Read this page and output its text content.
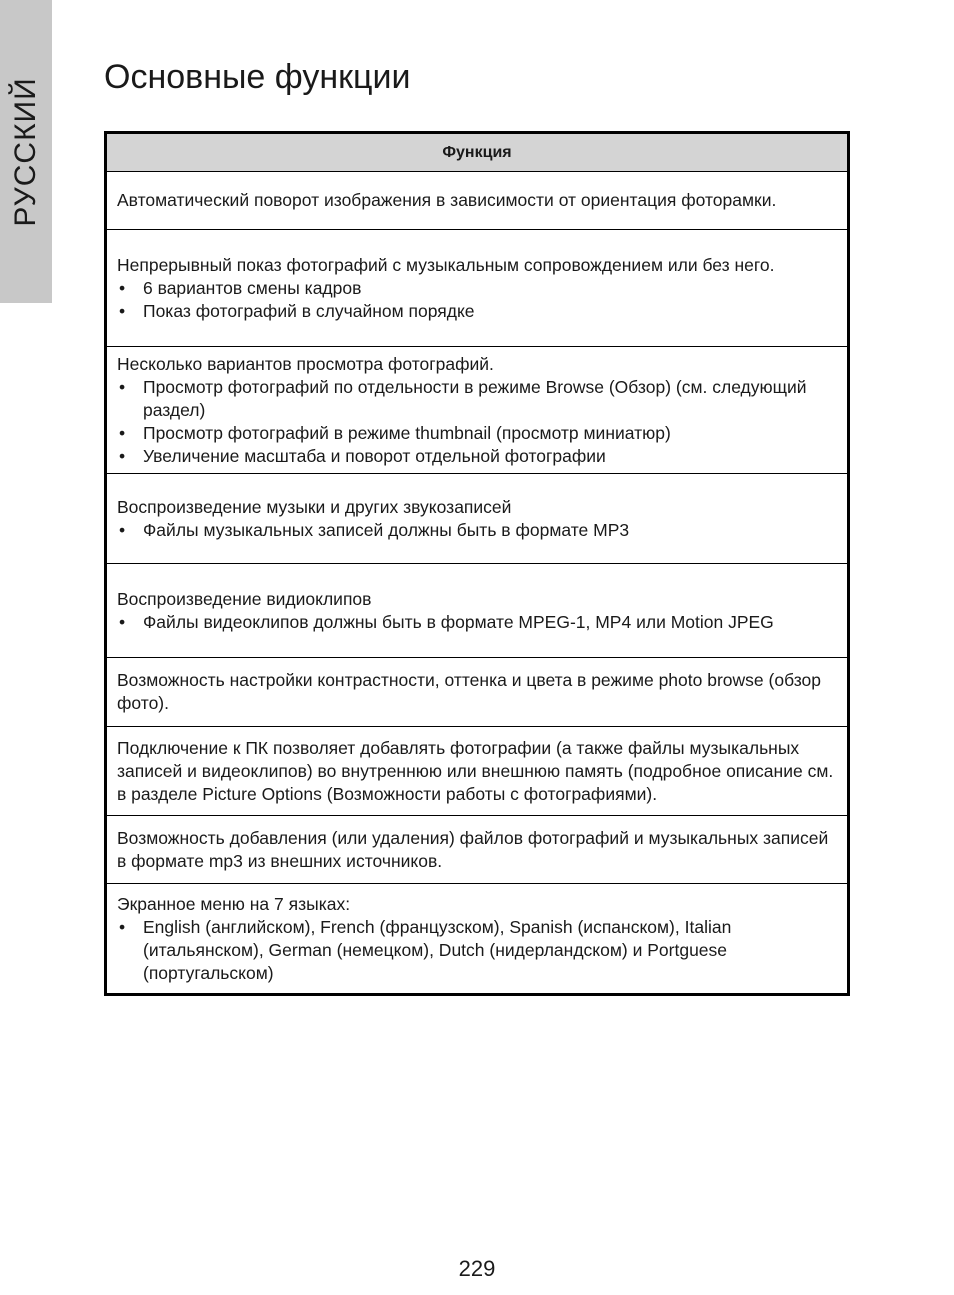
РУССКИЙ
Основные функции
Функция
Автоматический поворот изображения в зависимости от ориентация фоторамки.
Непрерывный показ фотографий с музыкальным сопровождением или без него.
• 6 вариантов смены кадров
• Показ фотографий в случайном порядке
Несколько вариантов просмотра фотографий.
• Просмотр фотографий по отдельности в режиме Browse (Обзор) (см. следующий раздел)
• Просмотр фотографий в режиме thumbnail (просмотр миниатюр)
• Увеличение масштаба и поворот отдельной фотографии
Воспроизведение музыки и других звукозаписей
• Файлы музыкальных записей должны быть в формате MP3
Воспроизведение видиоклипов
• Файлы видеоклипов должны быть в формате MPEG-1, MP4 или Motion JPEG
Возможность настройки контрастности, оттенка и цвета в режиме photo browse (обзор фото).
Подключение к ПК позволяет добавлять фотографии (а также файлы музыкальных записей и видеоклипов) во внутреннюю или внешнюю память (подробное описание см. в разделе Picture Options (Возможности работы с фотографиями).
Возможность добавления (или удаления) файлов фотографий и музыкальных записей в формате mp3 из внешних источников.
Экранное меню на 7 языках:
• English (английском), French (французском), Spanish (испанском), Italian (итальянском), German (немецком), Dutch (нидерландском) и Portguese (португальском)
229
